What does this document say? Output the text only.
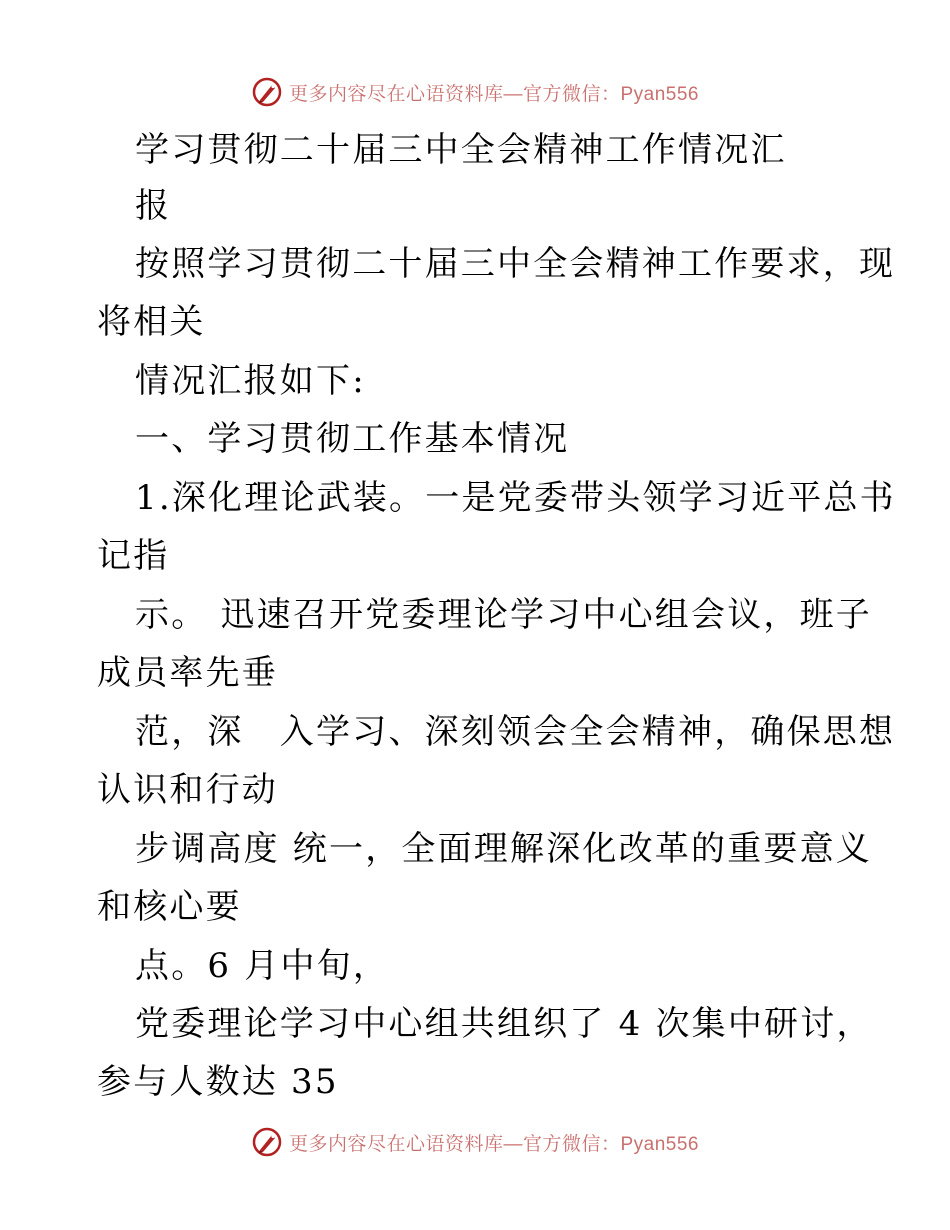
更多内容尽在心语资料库—官方微信：Pyan556
学习贯彻二十届三中全会精神工作情况汇
报
按照学习贯彻二十届三中全会精神工作要求，现
将相关
情况汇报如下:
一、学习贯彻工作基本情况
1.深化理论武装。一是党委带头领学习近平总书
记指
示。 迅速召开党委理论学习中心组会议，班子
成员率先垂
范，深　入学习、深刻领会全会精神，确保思想
认识和行动
步调高度 统一，全面理解深化改革的重要意义
和核心要
点。6 月中旬，
党委理论学习中心组共组织了 4 次集中研讨，
参与人数达 35
更多内容尽在心语资料库—官方微信：Pyan556
